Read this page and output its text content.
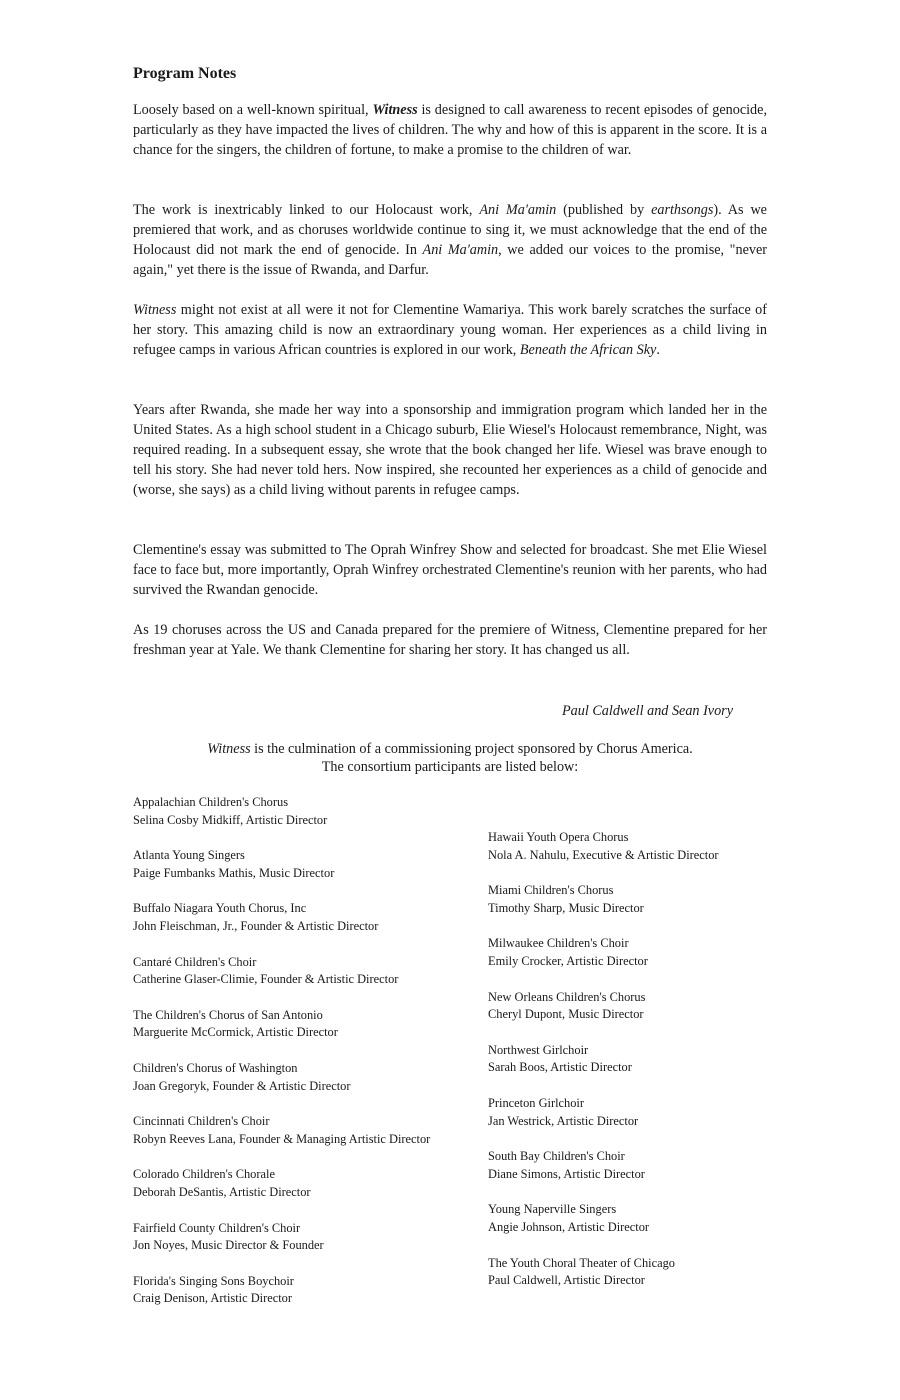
Program Notes

Loosely based on a well-known spiritual, Witness is designed to call awareness to recent episodes of genocide, particularly as they have impacted the lives of children. The why and how of this is apparent in the score. It is a chance for the singers, the children of fortune, to make a promise to the children of war.

The work is inextricably linked to our Holocaust work, Ani Ma'amin (published by earthsongs). As we premiered that work, and as choruses worldwide continue to sing it, we must acknowledge that the end of the Holocaust did not mark the end of genocide. In Ani Ma'amin, we added our voices to the promise, "never again," yet there is the issue of Rwanda, and Darfur.

Witness might not exist at all were it not for Clementine Wamariya. This work barely scratches the surface of her story. This amazing child is now an extraordinary young woman. Her experiences as a child living in refugee camps in various African countries is explored in our work, Beneath the African Sky.

Years after Rwanda, she made her way into a sponsorship and immigration program which landed her in the United States. As a high school student in a Chicago suburb, Elie Wiesel's Holocaust remembrance, Night, was required reading. In a subsequent essay, she wrote that the book changed her life. Wiesel was brave enough to tell his story. She had never told hers. Now inspired, she recounted her experiences as a child of genocide and (worse, she says) as a child living without parents in refugee camps.

Clementine's essay was submitted to The Oprah Winfrey Show and selected for broadcast. She met Elie Wiesel face to face but, more importantly, Oprah Winfrey orchestrated Clementine's reunion with her parents, who had survived the Rwandan genocide.

As 19 choruses across the US and Canada prepared for the premiere of Witness, Clementine prepared for her freshman year at Yale. We thank Clementine for sharing her story. It has changed us all.

Paul Caldwell and Sean Ivory
Witness is the culmination of a commissioning project sponsored by Chorus America.
The consortium participants are listed below:
Appalachian Children's Chorus
Selina Cosby Midkiff, Artistic Director
Atlanta Young Singers
Paige Fumbanks Mathis, Music Director
Buffalo Niagara Youth Chorus, Inc
John Fleischman, Jr., Founder & Artistic Director
Cantaré Children's Choir
Catherine Glaser-Climie, Founder & Artistic Director
The Children's Chorus of San Antonio
Marguerite McCormick, Artistic Director
Children's Chorus of Washington
Joan Gregoryk, Founder & Artistic Director
Cincinnati Children's Choir
Robyn Reeves Lana, Founder & Managing Artistic Director
Colorado Children's Chorale
Deborah DeSantis, Artistic Director
Fairfield County Children's Choir
Jon Noyes, Music Director & Founder
Florida's Singing Sons Boychoir
Craig Denison, Artistic Director
Hawaii Youth Opera Chorus
Nola A. Nahulu, Executive & Artistic Director
Miami Children's Chorus
Timothy Sharp, Music Director
Milwaukee Children's Choir
Emily Crocker, Artistic Director
New Orleans Children's Chorus
Cheryl Dupont, Music Director
Northwest Girlchoir
Sarah Boos, Artistic Director
Princeton Girlchoir
Jan Westrick, Artistic Director
South Bay Children's Choir
Diane Simons, Artistic Director
Young Naperville Singers
Angie Johnson, Artistic Director
The Youth Choral Theater of Chicago
Paul Caldwell, Artistic Director
